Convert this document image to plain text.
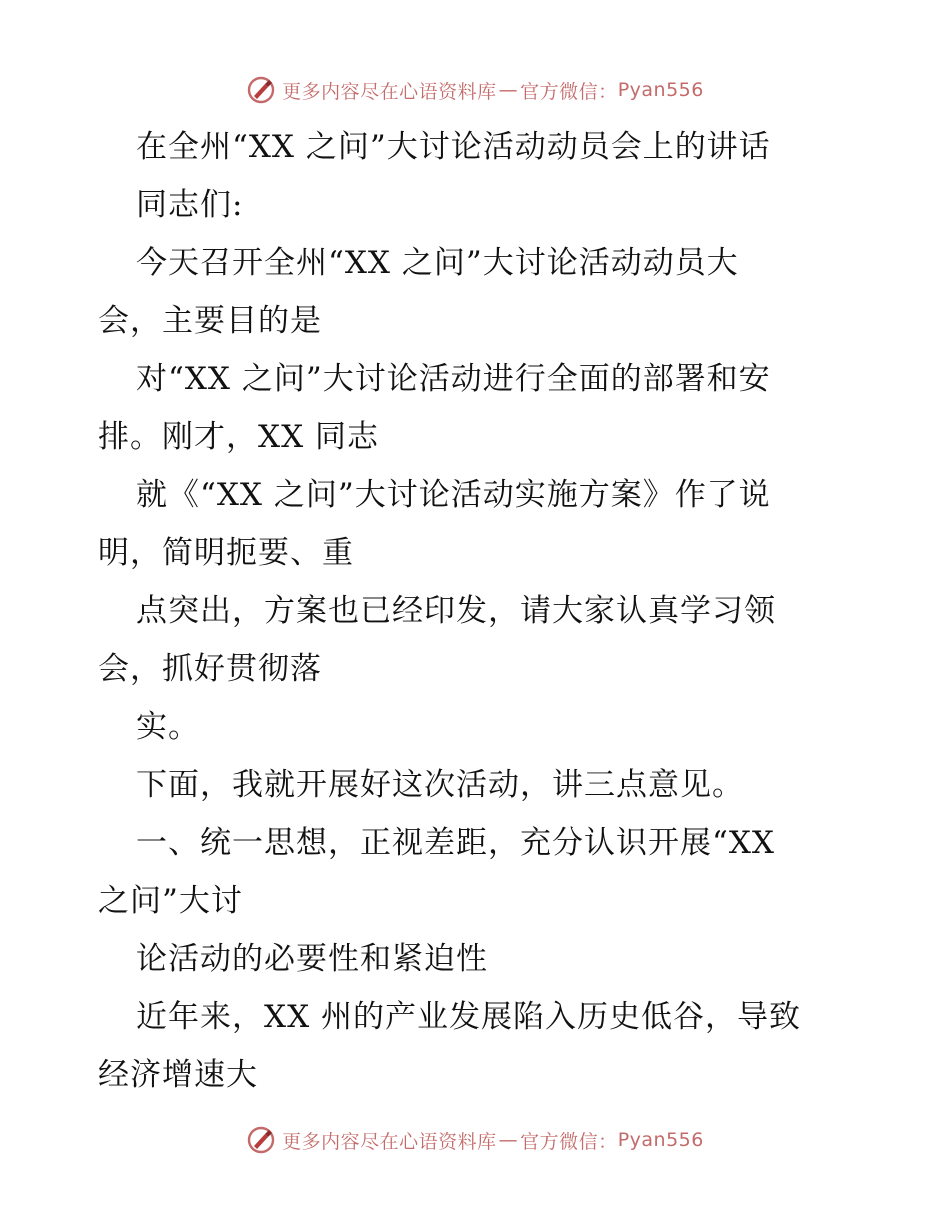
更多内容尽在心语资料库 — 官方微信： Pyan556
在全州“XX 之问”大讨论活动动员会上的讲话
同志们:
今天召开全州“XX 之问”大讨论活动动员大
会，主要目的是
对“XX 之问”大讨论活动进行全面的部署和安
排。刚才，XX 同志
就《“XX 之问”大讨论活动实施方案》作了说
明，简明扼要、重
点突出，方案也已经印发，请大家认真学习领
会，抓好贯彻落
实。
下面，我就开展好这次活动，讲三点意见。
一、统一思想，正视差距，充分认识开展“XX
之问”大讨
论活动的必要性和紧迫性
近年来，XX 州的产业发展陷入历史低谷，导致
经济增速大
更多内容尽在心语资料库 — 官方微信： Pyan556
